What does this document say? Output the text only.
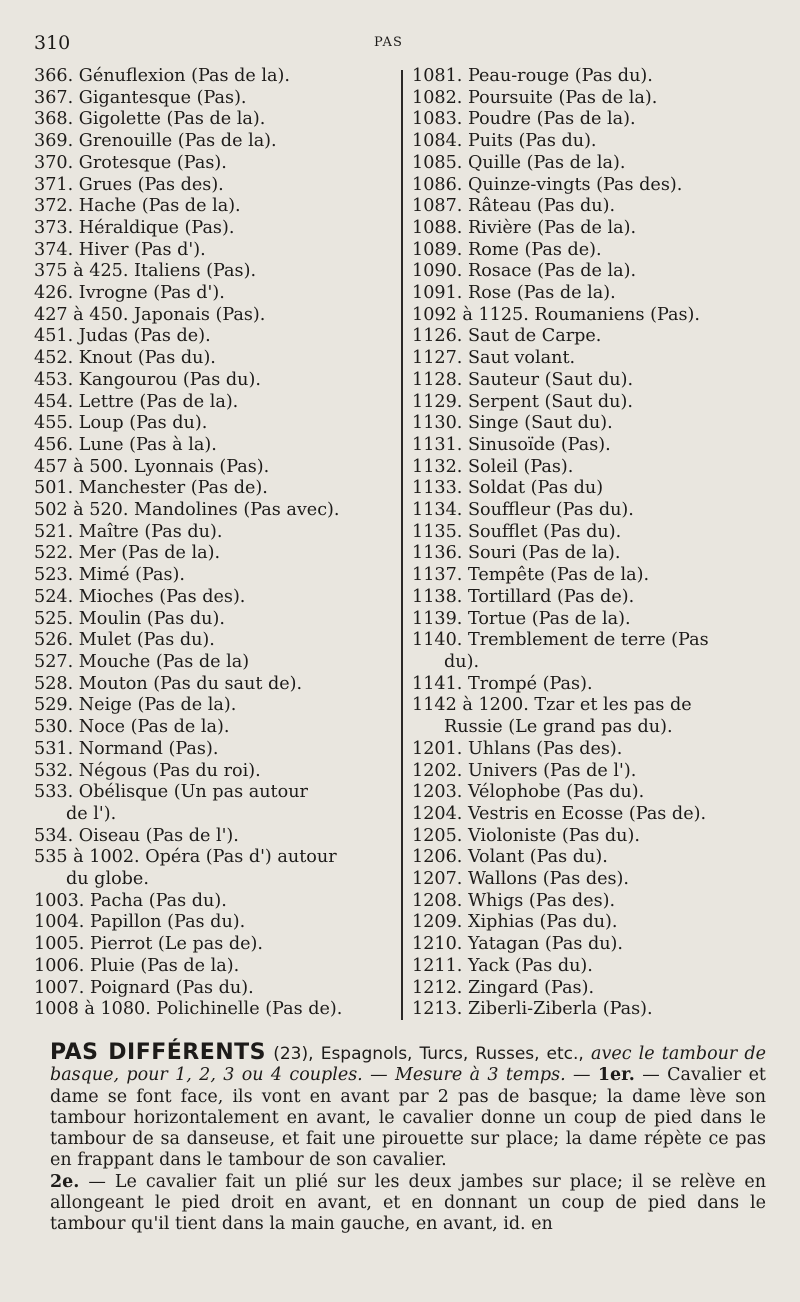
310	PAS
366. Génuflexion (Pas de la).
367. Gigantesque (Pas).
368. Gigolette (Pas de la).
369. Grenouille (Pas de la).
370. Grotesque (Pas).
371. Grues (Pas des).
372. Hache (Pas de la).
373. Héraldique (Pas).
374. Hiver (Pas d').
375 à 425. Italiens (Pas).
426. Ivrogne (Pas d').
427 à 450. Japonais (Pas).
451. Judas (Pas de).
452. Knout (Pas du).
453. Kangourou (Pas du).
454. Lettre (Pas de la).
455. Loup (Pas du).
456. Lune (Pas à la).
457 à 500. Lyonnais (Pas).
501. Manchester (Pas de).
502 à 520. Mandolines (Pas avec).
521. Maître (Pas du).
522. Mer (Pas de la).
523. Mimé (Pas).
524. Mioches (Pas des).
525. Moulin (Pas du).
526. Mulet (Pas du).
527. Mouche (Pas de la)
528. Mouton (Pas du saut de).
529. Neige (Pas de la).
530. Noce (Pas de la).
531. Normand (Pas).
532. Négous (Pas du roi).
533. Obélisque (Un pas autour
de l').
534. Oiseau (Pas de l').
535 à 1002. Opéra (Pas d') autour
du globe.
1003. Pacha (Pas du).
1004. Papillon (Pas du).
1005. Pierrot (Le pas de).
1006. Pluie (Pas de la).
1007. Poignard (Pas du).
1008 à 1080. Polichinelle (Pas de).
1081. Peau-rouge (Pas du).
1082. Poursuite (Pas de la).
1083. Poudre (Pas de la).
1084. Puits (Pas du).
1085. Quille (Pas de la).
1086. Quinze-vingts (Pas des).
1087. Râteau (Pas du).
1088. Rivière (Pas de la).
1089. Rome (Pas de).
1090. Rosace (Pas de la).
1091. Rose (Pas de la).
1092 à 1125. Roumaniens (Pas).
1126. Saut de Carpe.
1127. Saut volant.
1128. Sauteur (Saut du).
1129. Serpent (Saut du).
1130. Singe (Saut du).
1131. Sinusoïde (Pas).
1132. Soleil (Pas).
1133. Soldat (Pas du)
1134. Souffleur (Pas du).
1135. Soufflet (Pas du).
1136. Souri (Pas de la).
1137. Tempête (Pas de la).
1138. Tortillard (Pas de).
1139. Tortue (Pas de la).
1140. Tremblement de terre (Pas
du).
1141. Trompé (Pas).
1142 à 1200. Tzar et les pas de
Russie (Le grand pas du).
1201. Uhlans (Pas des).
1202. Univers (Pas de l').
1203. Vélophobe (Pas du).
1204. Vestris en Ecosse (Pas de).
1205. Violoniste (Pas du).
1206. Volant (Pas du).
1207. Wallons (Pas des).
1208. Whigs (Pas des).
1209. Xiphias (Pas du).
1210. Yatagan (Pas du).
1211. Yack (Pas du).
1212. Zingard (Pas).
1213. Ziberli-Ziberla (Pas).

PAS DIFFÉRENTS (23), Espagnols, Turcs, Russes, etc., avec le tambour de basque, pour 1, 2, 3 ou 4 couples. — Mesure à 3 temps. — 1er. — Cavalier et dame se font face, ils vont en avant par 2 pas de basque; la dame lève son tambour horizontalement en avant, le cavalier donne un coup de pied dans le tambour de sa danseuse, et fait une pirouette sur place; la dame répète ce pas en frappant dans le tambour de son cavalier.

2e. — Le cavalier fait un plié sur les deux jambes sur place; il se relève en allongeant le pied droit en avant, et en donnant un coup de pied dans le tambour qu'il tient dans la main gauche, en avant, id. en
